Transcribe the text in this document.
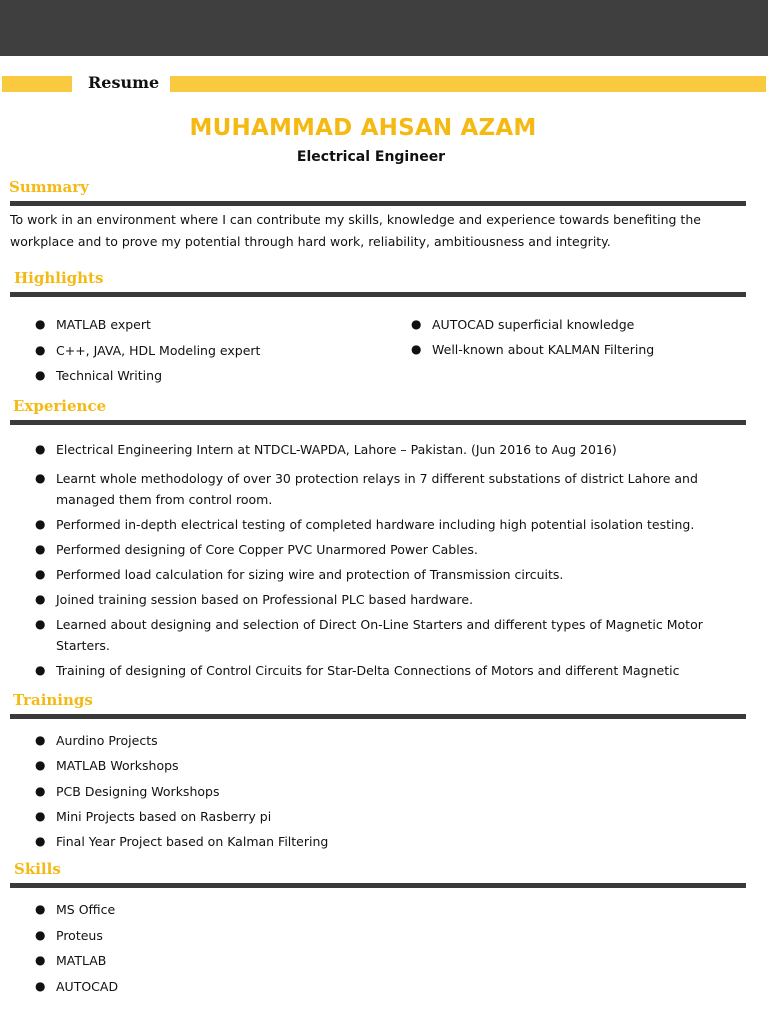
Resume
MUHAMMAD AHSAN AZAM
Electrical Engineer
Summary

To work in an environment where I can contribute my skills, knowledge and experience towards benefiting the workplace and to prove my potential through hard work, reliability, ambitiousness and integrity.

Highlights
● MATLAB expert
● C++, JAVA, HDL Modeling expert
● Technical Writing
● AUTOCAD superficial knowledge
● Well-known about KALMAN Filtering
Experience
● Electrical Engineering Intern at NTDCL-WAPDA, Lahore – Pakistan. (Jun 2016 to Aug 2016)
● Learnt whole methodology of over 30 protection relays in 7 different substations of district Lahore and managed them from control room.
● Performed in-depth electrical testing of completed hardware including high potential isolation testing.
● Performed designing of Core Copper PVC Unarmored Power Cables.
● Performed load calculation for sizing wire and protection of Transmission circuits.
● Joined training session based on Professional PLC based hardware.
● Learned about designing and selection of Direct On-Line Starters and different types of Magnetic Motor Starters.
● Training of designing of Control Circuits for Star-Delta Connections of Motors and different Magnetic
Trainings
● Aurdino Projects
● MATLAB Workshops
● PCB Designing Workshops
● Mini Projects based on Rasberry pi
● Final Year Project based on Kalman Filtering
Skills
● MS Office
● Proteus
● MATLAB
● AUTOCAD
